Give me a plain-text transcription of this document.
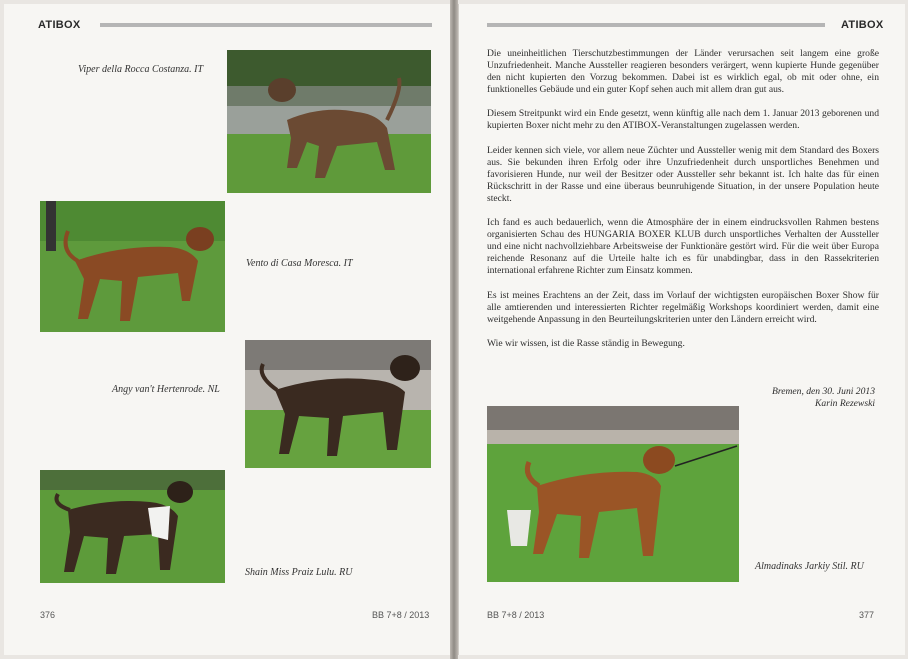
ATIBOX
Viper della Rocca Costanza. IT
Vento di Casa Moresca. IT
Angy van't Hertenrode. NL
Shain Miss Praiz Lulu. RU
376	BB 7+8 / 2013
ATIBOX

Die uneinheitlichen Tierschutzbestimmungen der Länder verursachen seit langem eine große Unzufriedenheit. Manche Aussteller reagieren besonders verärgert, wenn kupierte Hunde gegenüber den nicht kupierten den Vorzug bekommen. Dabei ist es wirklich egal, ob mit oder ohne, ein funktionelles Gebäude und ein guter Kopf sehen auch mit allem dran gut aus.

Diesem Streitpunkt wird ein Ende gesetzt, wenn künftig alle nach dem 1. Januar 2013 geborenen und kupierten Boxer nicht mehr zu den ATIBOX-Veranstaltungen zugelassen werden.

Leider kennen sich viele, vor allem neue Züchter und Aussteller wenig mit dem Standard des Boxers aus. Sie bekunden ihren Erfolg oder ihre Unzufriedenheit durch unsportliches Benehmen und favorisieren Hunde, nur weil der Besitzer oder Aussteller sehr bekannt ist. Ich halte das für einen Rückschritt in der Rasse und eine überaus beunruhigende Situation, in der unsere Population heute steckt.

Ich fand es auch bedauerlich, wenn die Atmosphäre der in einem eindrucksvollen Rahmen bestens organisierten Schau des HUNGARIA BOXER KLUB durch unsportliches Verhalten der Aussteller und eine nicht nachvollziehbare Arbeitsweise der Funktionäre gestört wird. Für die weit über Europa reichende Resonanz auf die Urteile halte ich es für unabdingbar, dass in den Rassekriterien international erfahrene Richter zum Einsatz kommen.

Es ist meines Erachtens an der Zeit, dass im Vorlauf der wichtigsten europäischen Boxer Show für alle amtierenden und interessierten Richter regelmäßig Workshops koordiniert werden, damit eine weitgehende Anpassung in den Beurteilungskriterien unter den Ländern erreicht wird.

Wie wir wissen, ist die Rasse ständig in Bewegung.

Bremen, den 30. Juni 2013
Karin Rezewski
Almadinaks Jarkiy Stil. RU
BB 7+8 / 2013	377
